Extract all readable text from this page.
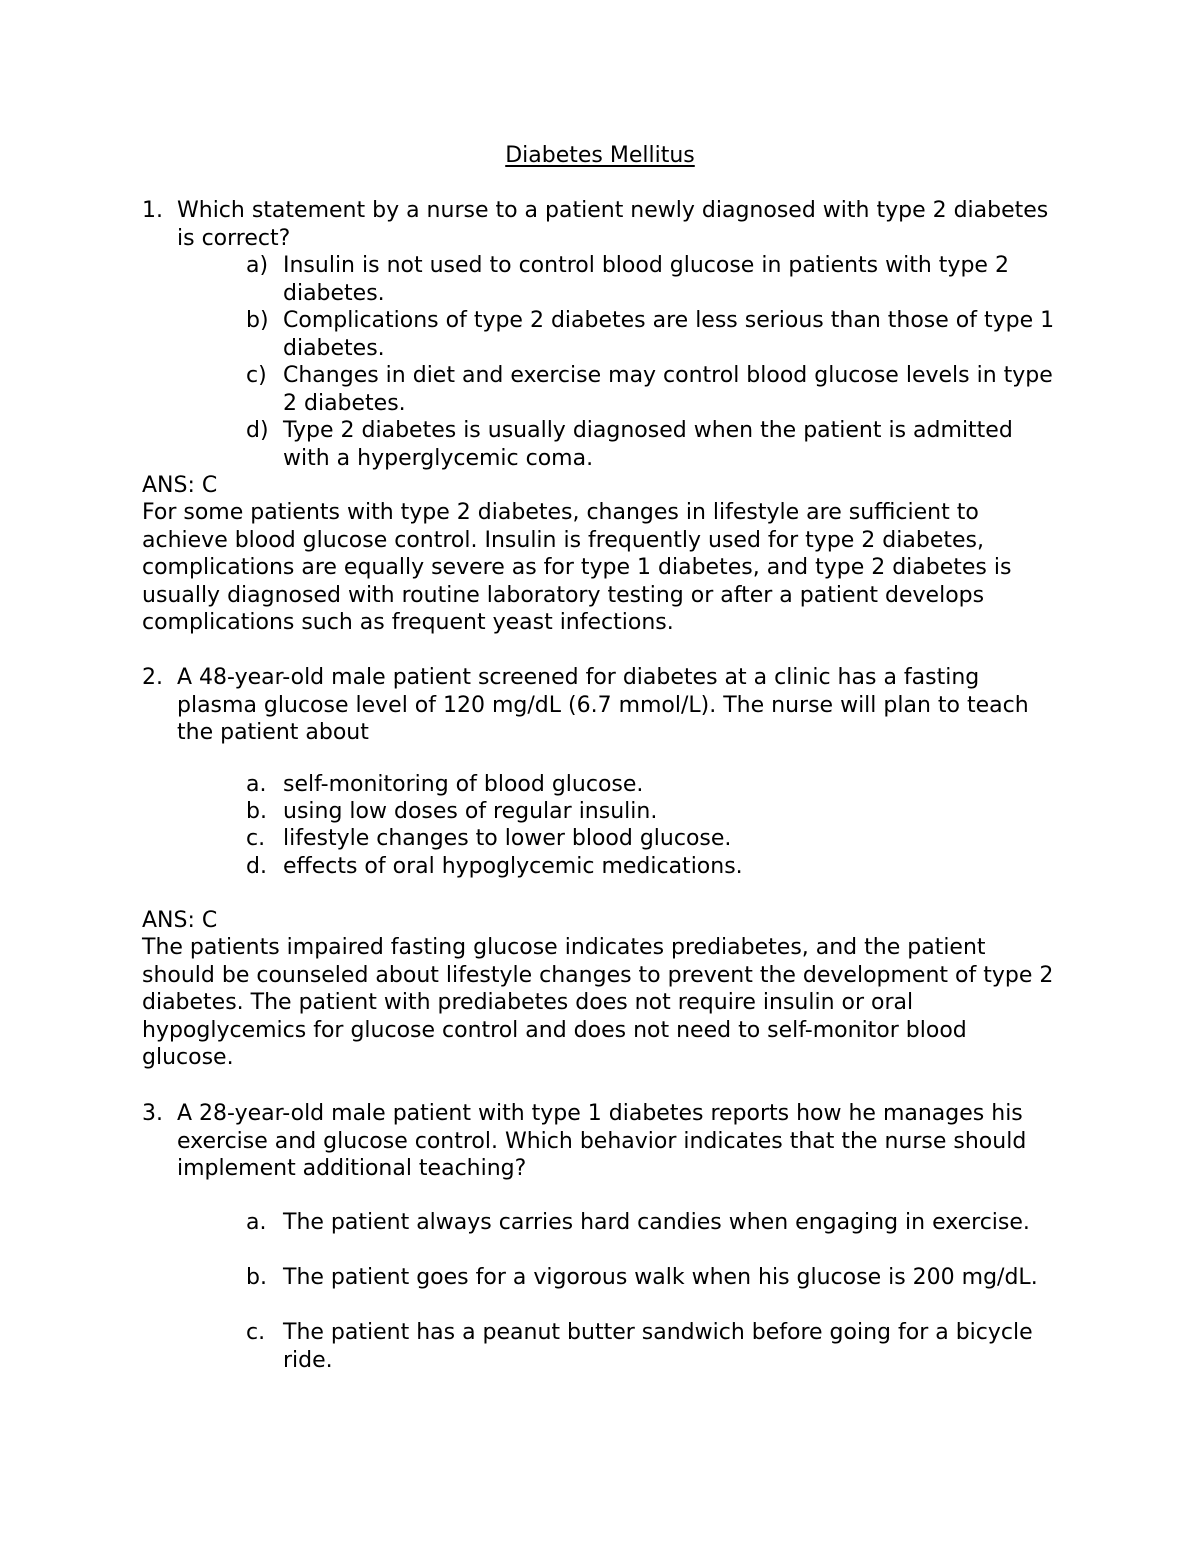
Diabetes Mellitus
1. Which statement by a nurse to a patient newly diagnosed with type 2 diabetes is correct?
a) Insulin is not used to control blood glucose in patients with type 2 diabetes.
b) Complications of type 2 diabetes are less serious than those of type 1 diabetes.
c) Changes in diet and exercise may control blood glucose levels in type 2 diabetes.
d) Type 2 diabetes is usually diagnosed when the patient is admitted with a hyperglycemic coma.
ANS: C
For some patients with type 2 diabetes, changes in lifestyle are sufficient to achieve blood glucose control. Insulin is frequently used for type 2 diabetes, complications are equally severe as for type 1 diabetes, and type 2 diabetes is usually diagnosed with routine laboratory testing or after a patient develops complications such as frequent yeast infections.
2. A 48-year-old male patient screened for diabetes at a clinic has a fasting plasma glucose level of 120 mg/dL (6.7 mmol/L). The nurse will plan to teach the patient about
a. self-monitoring of blood glucose.
b. using low doses of regular insulin.
c. lifestyle changes to lower blood glucose.
d. effects of oral hypoglycemic medications.
ANS: C
The patients impaired fasting glucose indicates prediabetes, and the patient should be counseled about lifestyle changes to prevent the development of type 2 diabetes. The patient with prediabetes does not require insulin or oral hypoglycemics for glucose control and does not need to self-monitor blood glucose.
3. A 28-year-old male patient with type 1 diabetes reports how he manages his exercise and glucose control. Which behavior indicates that the nurse should implement additional teaching?
a. The patient always carries hard candies when engaging in exercise.
b. The patient goes for a vigorous walk when his glucose is 200 mg/dL.
c. The patient has a peanut butter sandwich before going for a bicycle ride.
